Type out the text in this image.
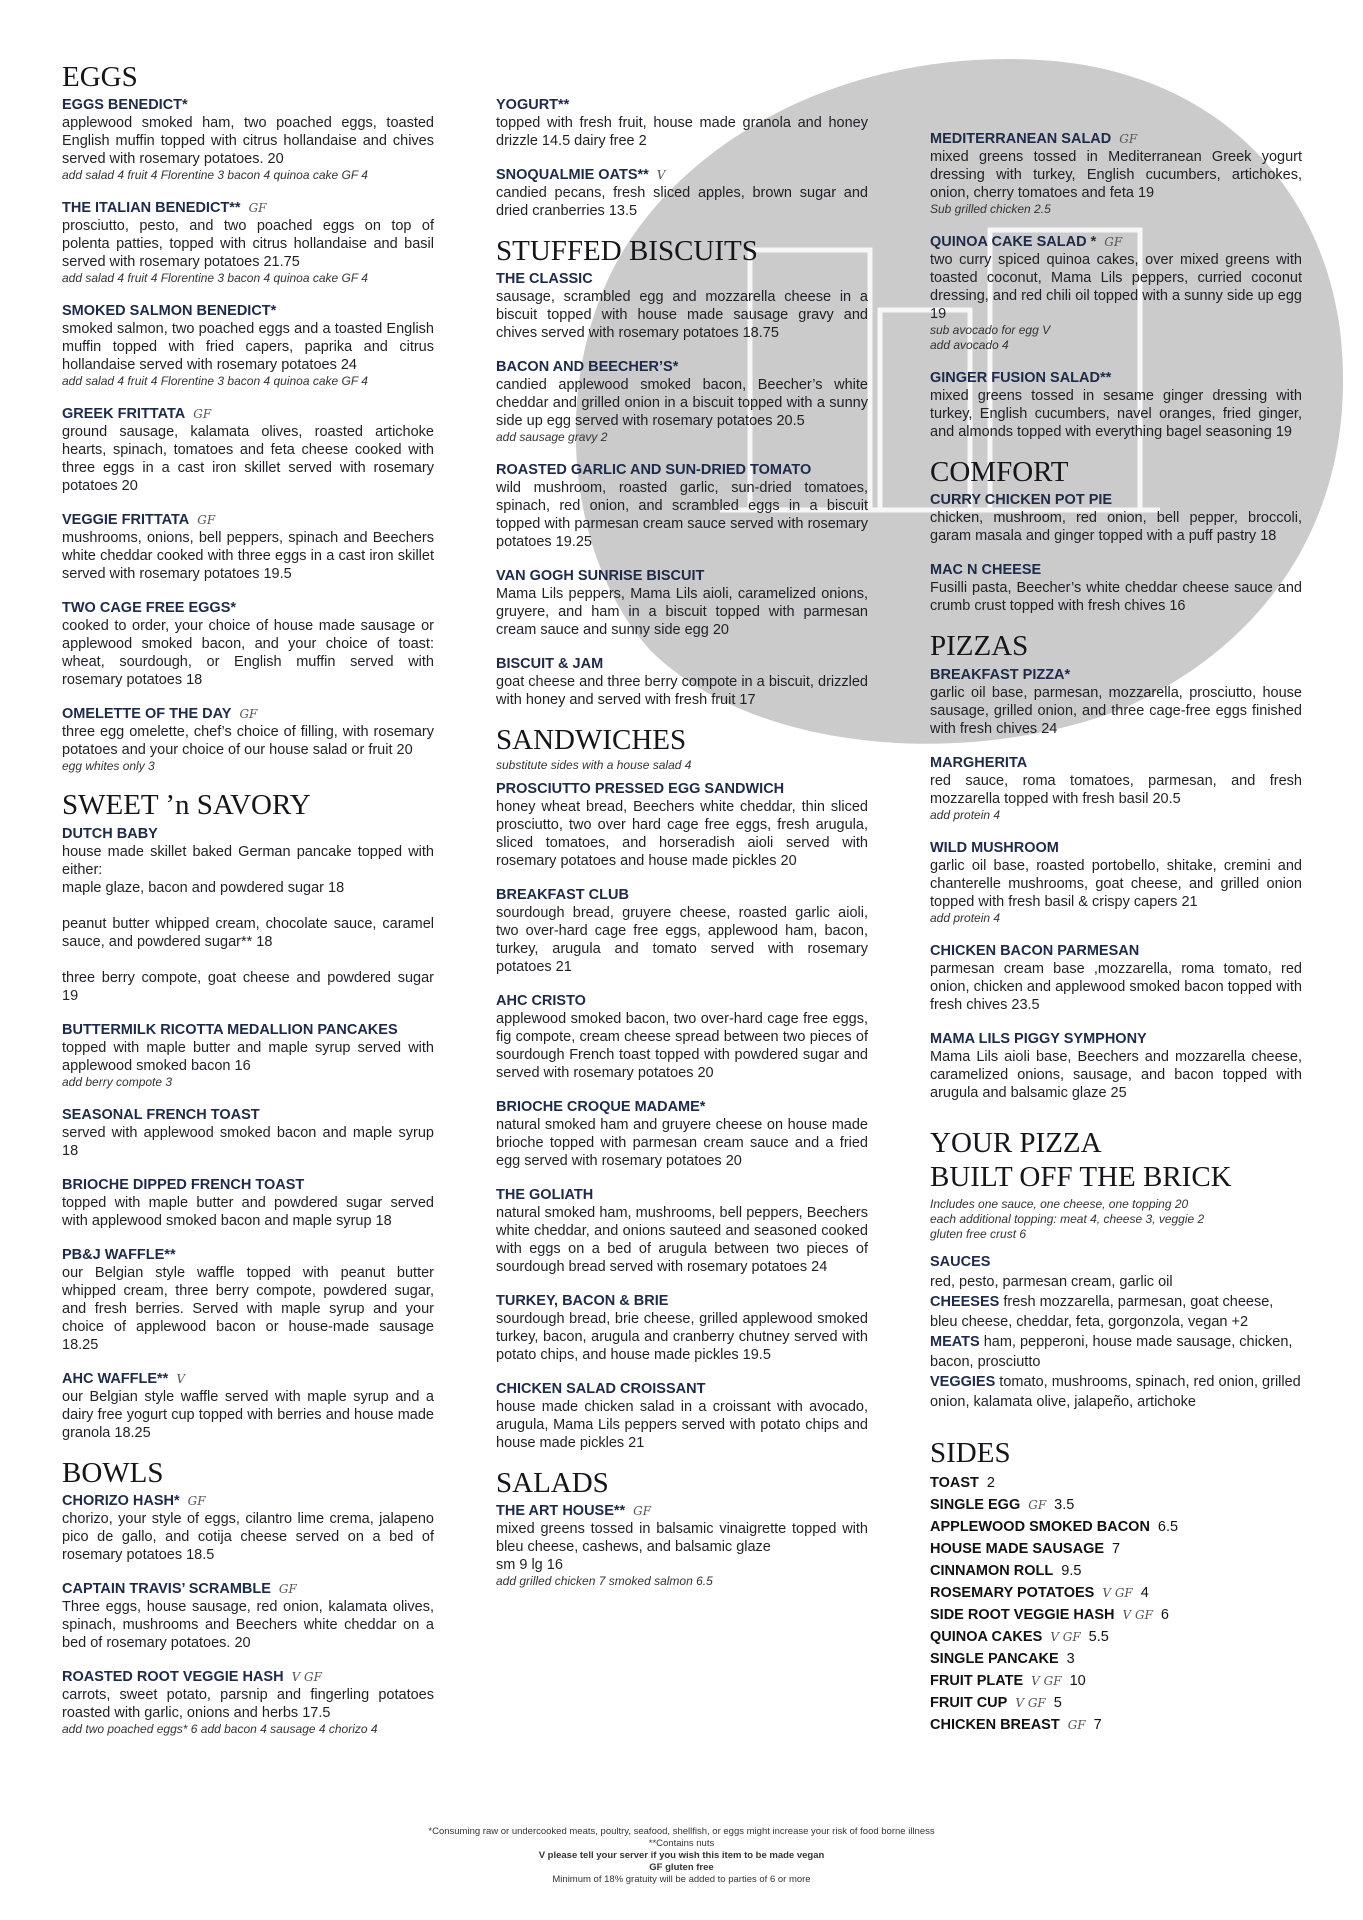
EGGS
EGGS BENEDICT*
applewood smoked ham, two poached eggs, toasted English muffin topped with citrus hollandaise and chives served with rosemary potatoes. 20
add salad 4 fruit 4 Florentine 3 bacon 4 quinoa cake GF 4
THE ITALIAN BENEDICT** GF
prosciutto, pesto, and two poached eggs on top of polenta patties, topped with citrus hollandaise and basil served with rosemary potatoes 21.75
add salad 4 fruit 4 Florentine 3 bacon 4 quinoa cake GF 4
SMOKED SALMON BENEDICT*
smoked salmon, two poached eggs and a toasted English muffin topped with fried capers, paprika and citrus hollandaise served with rosemary potatoes 24
add salad 4 fruit 4 Florentine 3 bacon 4 quinoa cake GF 4
GREEK FRITTATA GF
ground sausage, kalamata olives, roasted artichoke hearts, spinach, tomatoes and feta cheese cooked with three eggs in a cast iron skillet served with rosemary potatoes 20
VEGGIE FRITTATA GF
mushrooms, onions, bell peppers, spinach and Beechers white cheddar cooked with three eggs in a cast iron skillet served with rosemary potatoes 19.5
TWO CAGE FREE EGGS*
cooked to order, your choice of house made sausage or applewood smoked bacon, and your choice of toast: wheat, sourdough, or English muffin served with rosemary potatoes 18
OMELETTE OF THE DAY GF
three egg omelette, chef’s choice of filling, with rosemary potatoes and your choice of our house salad or fruit 20
egg whites only 3
SWEET ’n SAVORY
DUTCH BABY
house made skillet baked German pancake topped with either:
maple glaze, bacon and powdered sugar 18

peanut butter whipped cream, chocolate sauce, caramel sauce, and powdered sugar** 18

three berry compote, goat cheese and powdered sugar 19
BUTTERMILK RICOTTA MEDALLION PANCAKES
topped with maple butter and maple syrup served with applewood smoked bacon 16
add berry compote 3
SEASONAL FRENCH TOAST
served with applewood smoked bacon and maple syrup 18
BRIOCHE DIPPED FRENCH TOAST
topped with maple butter and powdered sugar served with applewood smoked bacon and maple syrup 18
PB&J WAFFLE**
our Belgian style waffle topped with peanut butter whipped cream, three berry compote, powdered sugar, and fresh berries. Served with maple syrup and your choice of applewood bacon or house-made sausage 18.25
AHC WAFFLE** V
our Belgian style waffle served with maple syrup and a dairy free yogurt cup topped with berries and house made granola 18.25
BOWLS
CHORIZO HASH* GF
chorizo, your style of eggs, cilantro lime crema, jalapeno pico de gallo, and cotija cheese served on a bed of rosemary potatoes 18.5
CAPTAIN TRAVIS’ SCRAMBLE GF
Three eggs, house sausage, red onion, kalamata olives, spinach, mushrooms and Beechers white cheddar on a bed of rosemary potatoes. 20
ROASTED ROOT VEGGIE HASH V GF
carrots, sweet potato, parsnip and fingerling potatoes roasted with garlic, onions and herbs 17.5
add two poached eggs* 6 add bacon 4 sausage 4 chorizo 4
YOGURT**
topped with fresh fruit, house made granola and honey drizzle 14.5 dairy free 2
SNOQUALMIE OATS** V
candied pecans, fresh sliced apples, brown sugar and dried cranberries 13.5
STUFFED BISCUITS
THE CLASSIC
sausage, scrambled egg and mozzarella cheese in a biscuit topped with house made sausage gravy and chives served with rosemary potatoes 18.75
BACON AND BEECHER’S*
candied applewood smoked bacon, Beecher’s white cheddar and grilled onion in a biscuit topped with a sunny side up egg served with rosemary potatoes 20.5
add sausage gravy 2
ROASTED GARLIC AND SUN-DRIED TOMATO
wild mushroom, roasted garlic, sun-dried tomatoes, spinach, red onion, and scrambled eggs in a biscuit topped with parmesan cream sauce served with rosemary potatoes 19.25
VAN GOGH SUNRISE BISCUIT
Mama Lils peppers, Mama Lils aioli, caramelized onions, gruyere, and ham in a biscuit topped with parmesan cream sauce and sunny side egg 20
BISCUIT & JAM
goat cheese and three berry compote in a biscuit, drizzled with honey and served with fresh fruit 17
SANDWICHES
substitute sides with a house salad 4
PROSCIUTTO PRESSED EGG SANDWICH
honey wheat bread, Beechers white cheddar, thin sliced prosciutto, two over hard cage free eggs, fresh arugula, sliced tomatoes, and horseradish aioli served with rosemary potatoes and house made pickles 20
BREAKFAST CLUB
sourdough bread, gruyere cheese, roasted garlic aioli, two over-hard cage free eggs, applewood ham, bacon, turkey, arugula and tomato served with rosemary potatoes 21
AHC CRISTO
applewood smoked bacon, two over-hard cage free eggs, fig compote, cream cheese spread between two pieces of sourdough French toast topped with powdered sugar and served with rosemary potatoes 20
BRIOCHE CROQUE MADAME*
natural smoked ham and gruyere cheese on house made brioche topped with parmesan cream sauce and a fried egg served with rosemary potatoes 20
THE GOLIATH
natural smoked ham, mushrooms, bell peppers, Beechers white cheddar, and onions sauteed and seasoned cooked with eggs on a bed of arugula between two pieces of sourdough bread served with rosemary potatoes 24
TURKEY, BACON & BRIE
sourdough bread, brie cheese, grilled applewood smoked turkey, bacon, arugula and cranberry chutney served with potato chips, and house made pickles 19.5
CHICKEN SALAD CROISSANT
house made chicken salad in a croissant with avocado, arugula, Mama Lils peppers served with potato chips and house made pickles 21
SALADS
THE ART HOUSE** GF
mixed greens tossed in balsamic vinaigrette topped with bleu cheese, cashews, and balsamic glaze
sm 9 lg 16
add grilled chicken 7 smoked salmon 6.5
MEDITERRANEAN SALAD GF
mixed greens tossed in Mediterranean Greek yogurt dressing with turkey, English cucumbers, artichokes, onion, cherry tomatoes and feta 19
Sub grilled chicken 2.5
QUINOA CAKE SALAD * GF
two curry spiced quinoa cakes, over mixed greens with toasted coconut, Mama Lils peppers, curried coconut dressing, and red chili oil topped with a sunny side up egg 19
sub avocado for egg V
add avocado 4
GINGER FUSION SALAD**
mixed greens tossed in sesame ginger dressing with turkey, English cucumbers, navel oranges, fried ginger, and almonds topped with everything bagel seasoning 19
COMFORT
CURRY CHICKEN POT PIE
chicken, mushroom, red onion, bell pepper, broccoli, garam masala and ginger topped with a puff pastry 18
MAC N CHEESE
Fusilli pasta, Beecher’s white cheddar cheese sauce and crumb crust topped with fresh chives 16
PIZZAS
BREAKFAST PIZZA*
garlic oil base, parmesan, mozzarella, prosciutto, house sausage, grilled onion, and three cage-free eggs finished with fresh chives 24
MARGHERITA
red sauce, roma tomatoes, parmesan, and fresh mozzarella topped with fresh basil 20.5
add protein 4
WILD MUSHROOM
garlic oil base, roasted portobello, shitake, cremini and chanterelle mushrooms, goat cheese, and grilled onion topped with fresh basil & crispy capers 21
add protein 4
CHICKEN BACON PARMESAN
parmesan cream base ,mozzarella, roma tomato, red onion, chicken and applewood smoked bacon topped with fresh chives 23.5
MAMA LILS PIGGY SYMPHONY
Mama Lils aioli base, Beechers and mozzarella cheese, caramelized onions, sausage, and bacon topped with arugula and balsamic glaze 25
YOUR PIZZA
BUILT OFF THE BRICK
Includes one sauce, one cheese, one topping 20
each additional topping: meat 4, cheese 3, veggie 2
gluten free crust 6
SAUCES
red, pesto, parmesan cream, garlic oil
CHEESES fresh mozzarella, parmesan, goat cheese, bleu cheese, cheddar, feta, gorgonzola, vegan +2
MEATS ham, pepperoni, house made sausage, chicken, bacon, prosciutto
VEGGIES tomato, mushrooms, spinach, red onion, grilled onion, kalamata olive, jalapeño, artichoke
SIDES
TOAST 2
SINGLE EGG GF 3.5
APPLEWOOD SMOKED BACON 6.5
HOUSE MADE SAUSAGE 7
CINNAMON ROLL 9.5
ROSEMARY POTATOES V GF 4
SIDE ROOT VEGGIE HASH V GF 6
QUINOA CAKES V GF 5.5
SINGLE PANCAKE 3
FRUIT PLATE V GF 10
FRUIT CUP V GF 5
CHICKEN BREAST GF 7
*Consuming raw or undercooked meats, poultry, seafood, shellfish, or eggs might increase your risk of food borne illness
**Contains nuts
V please tell your server if you wish this item to be made vegan
GF gluten free
Minimum of 18% gratuity will be added to parties of 6 or more
